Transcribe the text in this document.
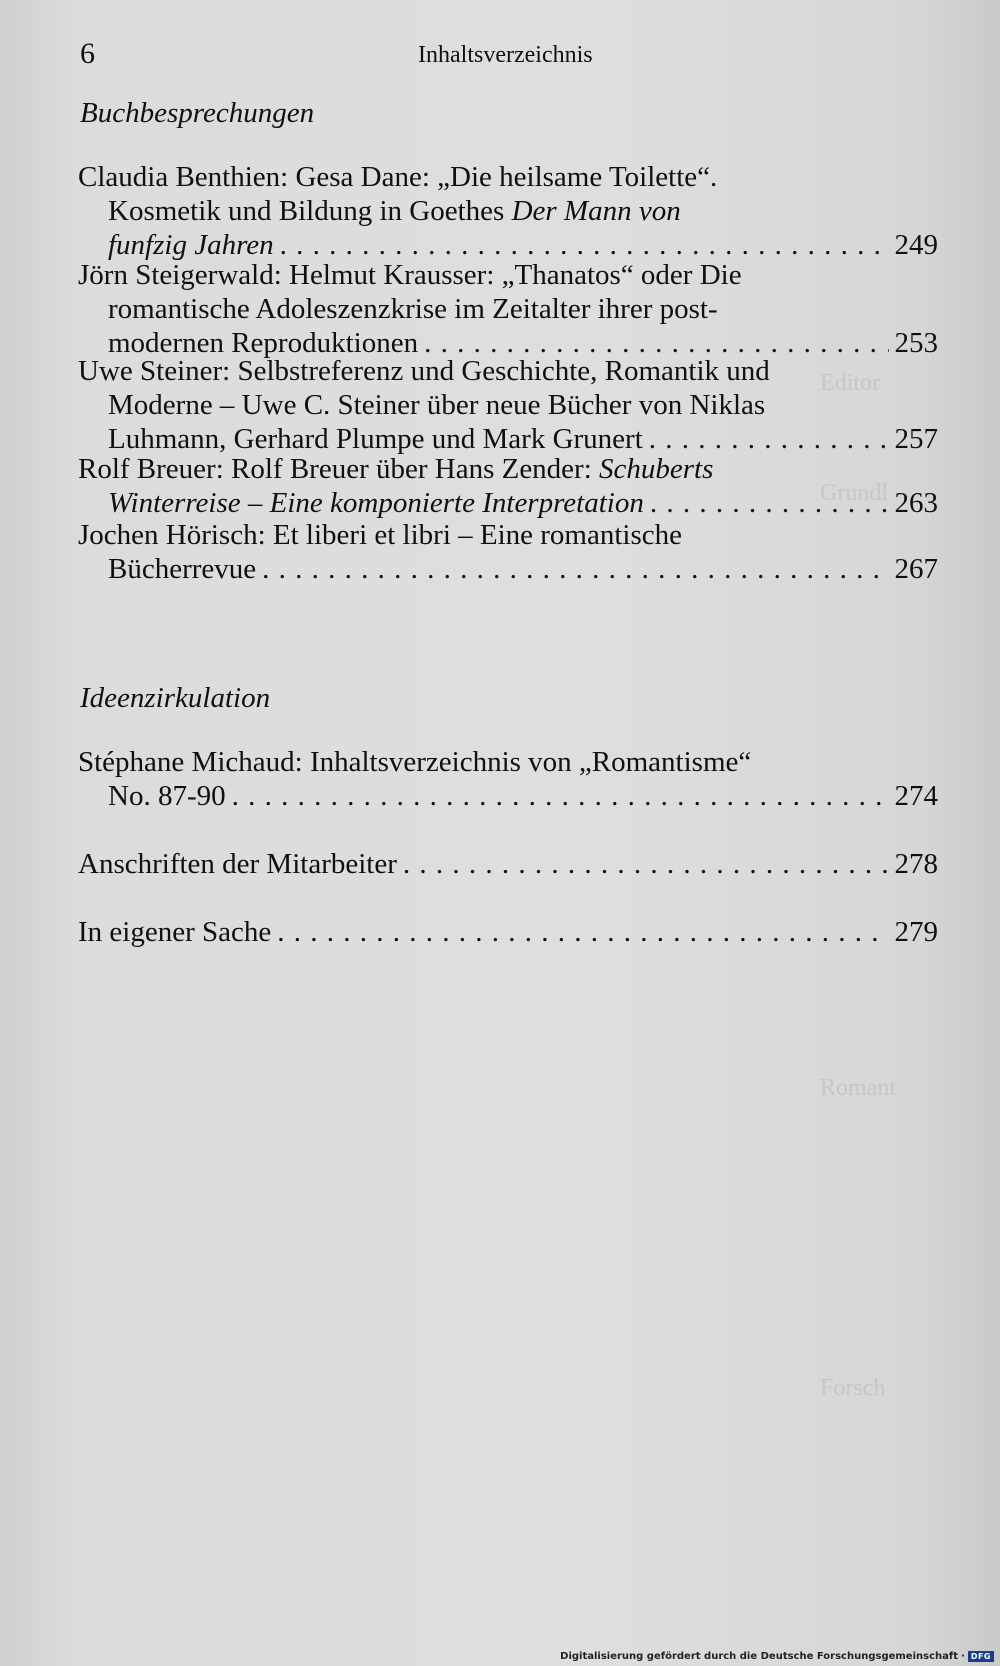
Editor
Grundl
Romant
Forsch
6	Inhaltsverzeichnis
Buchbesprechungen
Claudia Benthien: Gesa Dane: „Die heilsame Toilette“.
Kosmetik und Bildung in Goethes
Der Mann von
funfzig Jahren . . .	249
Jörn Steigerwald: Helmut Krausser: „Thanatos“ oder Die
romantische Adoleszenzkrise im Zeitalter ihrer post-
modernen Reproduktionen . . .	253
Uwe Steiner: Selbstreferenz und Geschichte, Romantik und
Moderne – Uwe C. Steiner über neue Bücher von Niklas
Luhmann, Gerhard Plumpe und Mark Grunert . . .	257
Rolf Breuer: Rolf Breuer über Hans Zender:
Schuberts
Winterreise – Eine komponierte Interpretation . . .	263
Jochen Hörisch: Et liberi et libri – Eine romantische
Bücherrevue . . .	267
Ideenzirkulation
Stéphane Michaud: Inhaltsverzeichnis von „Romantisme“
No. 87-90 . . .	274
Anschriften der Mitarbeiter . . .	278
In eigener Sache . . .	279
Digitalisierung gefördert durch die Deutsche Forschungsgemeinschaft · DFG
